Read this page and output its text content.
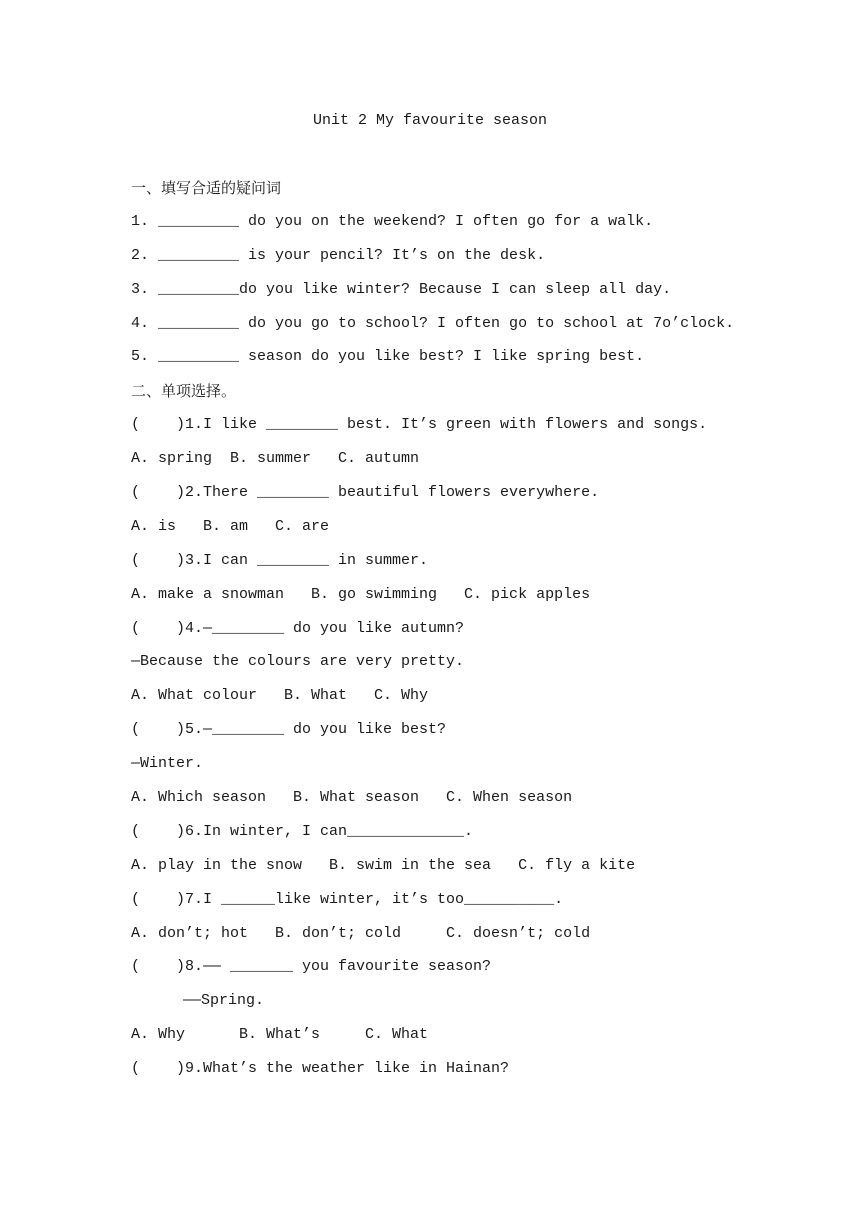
Unit 2 My favourite season
一、填写合适的疑问词
1. _________ do you on the weekend? I often go for a walk.
2. _________ is your pencil? It’s on the desk.
3. _________do you like winter? Because I can sleep all day.
4. _________ do you go to school? I often go to school at 7o’clock.
5. _________ season do you like best? I like spring best.
二、单项选择。
(    )1.I like ________ best. It’s green with flowers and songs.
A. spring  B. summer   C. autumn
(    )2.There ________ beautiful flowers everywhere.
A. is   B. am   C. are
(    )3.I can ________ in summer.
A. make a snowman   B. go swimming   C. pick apples
(    )4.—________ do you like autumn?
—Because the colours are very pretty.
A. What colour   B. What   C. Why
(    )5.—________ do you like best?
—Winter.
A. Which season   B. What season   C. When season
(    )6.In winter, I can_____________.
A. play in the snow   B. swim in the sea   C. fly a kite
(    )7.I ______like winter, it’s too__________.
A. don’t; hot   B. don’t; cold     C. doesn’t; cold
(    )8.—— _______ you favourite season?
——Spring.
A. Why      B. What’s     C. What
(    )9.What’s the weather like in Hainan?
